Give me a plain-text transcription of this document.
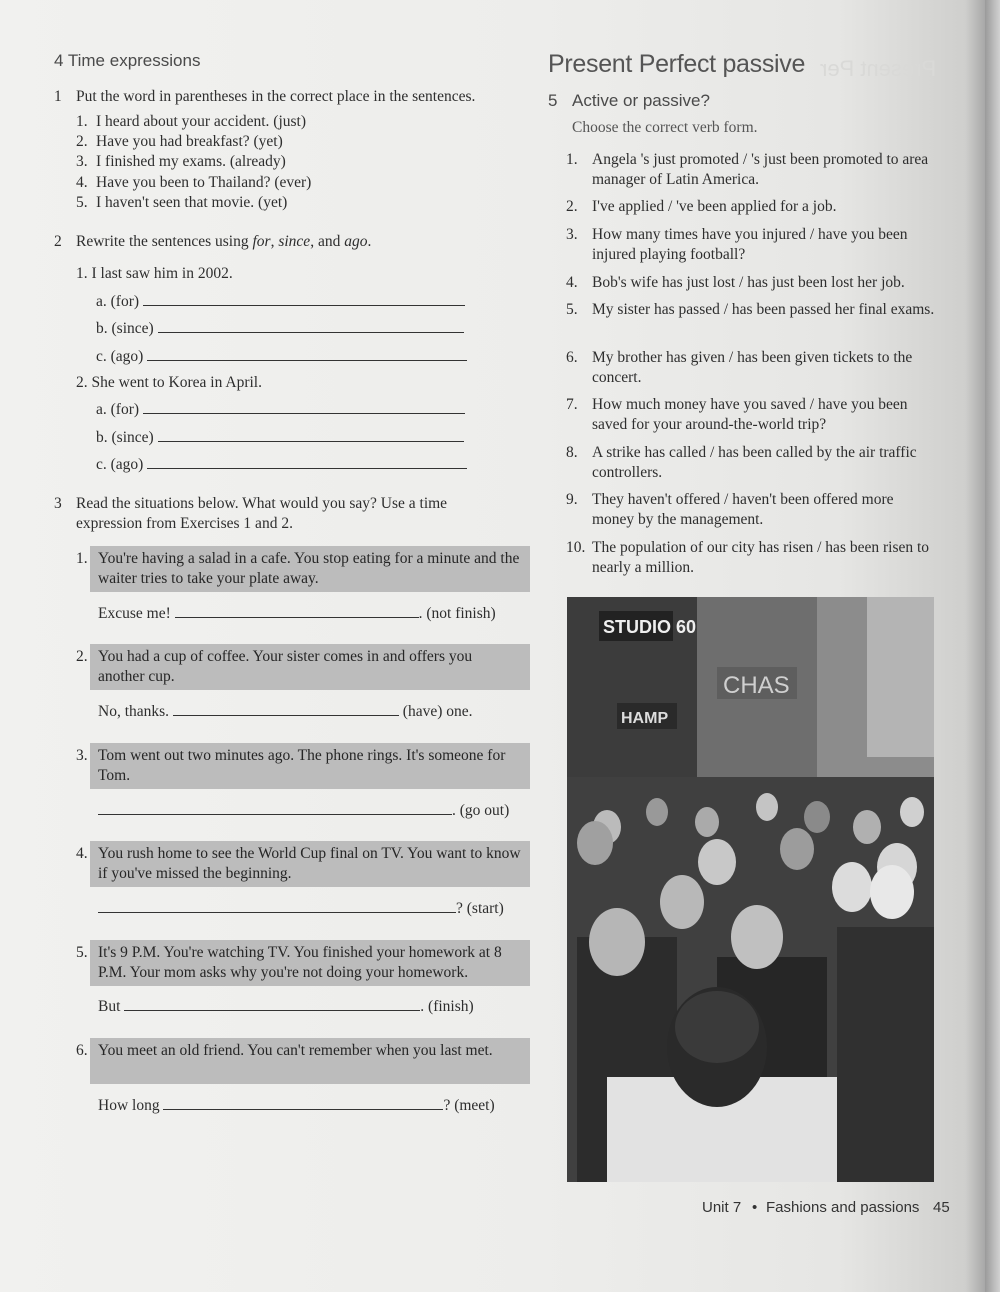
Present Per
4 Time expressions
1 Put the word in parentheses in the correct place in the sentences.
1. I heard about your accident. (just)
2. Have you had breakfast? (yet)
3. I finished my exams. (already)
4. Have you been to Thailand? (ever)
5. I haven't seen that movie. (yet)
2 Rewrite the sentences using for, since, and ago.
1. I last saw him in 2002.
a. (for)
b. (since)
c. (ago)
2. She went to Korea in April.
a. (for)
b. (since)
c. (ago)
3 Read the situations below. What would you say? Use a time expression from Exercises 1 and 2.
1. You're having a salad in a cafe. You stop eating for a minute and the waiter tries to take your plate away.
Excuse me!	. (not finish)
2. You had a cup of coffee. Your sister comes in and offers you another cup.
No, thanks.	(have) one.
3. Tom went out two minutes ago. The phone rings. It's someone for Tom.
. (go out)
4. You rush home to see the World Cup final on TV. You want to know if you've missed the beginning.
? (start)
5. It's 9 P.M. You're watching TV. You finished your homework at 8 P.M. Your mom asks why you're not doing your homework.
But	. (finish)
6. You meet an old friend. You can't remember when you last met.
How long	? (meet)
Present Perfect passive
5 Active or passive?
Choose the correct verb form.
1. Angela 's just promoted / 's just been promoted to area manager of Latin America.
2. I've applied / 've been applied for a job.
3. How many times have you injured / have you been injured playing football?
4. Bob's wife has just lost / has just been lost her job.
5. My sister has passed / has been passed her final exams.
6. My brother has given / has been given tickets to the concert.
7. How much money have you saved / have you been saved for your around-the-world trip?
8. A strike has called / has been called by the air traffic controllers.
9. They haven't offered / haven't been offered more money by the management.
10. The population of our city has risen / has been risen to nearly a million.
STUDIO 60
CHAS
HAMP
Unit 7 • Fashions and passions 45
